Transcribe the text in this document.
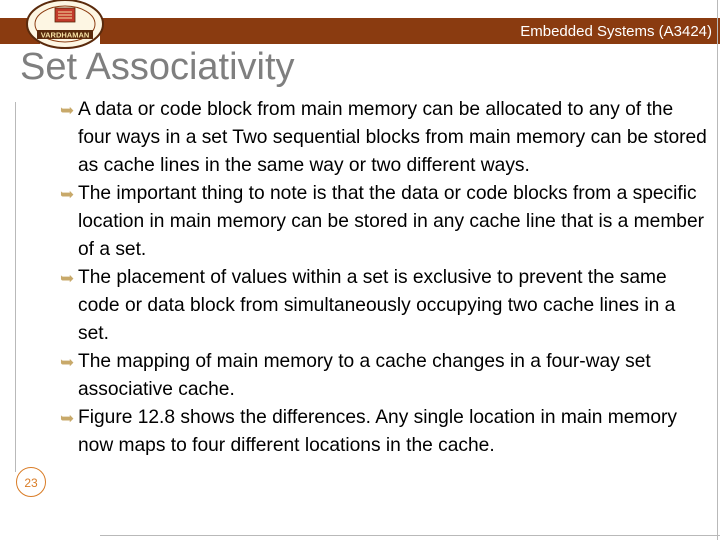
Embedded Systems (A3424)
VARDHAMAN
Set Associativity
➥ A data or code block from main memory can be allocated to any of the four ways in a set Two sequential blocks from main memory can be stored as cache lines in the same way or two different ways.
➥ The important thing to note is that the data or code blocks from a specific location in main memory can be stored in any cache line that is a member of a set.
➥ The placement of values within a set is exclusive to prevent the same code or data block from simultaneously occupying two cache lines in a set.
➥ The mapping of main memory to a cache changes in a four-way set associative cache.
➥ Figure 12.8 shows the differences. Any single location in main memory now maps to four different locations in the cache.
23
